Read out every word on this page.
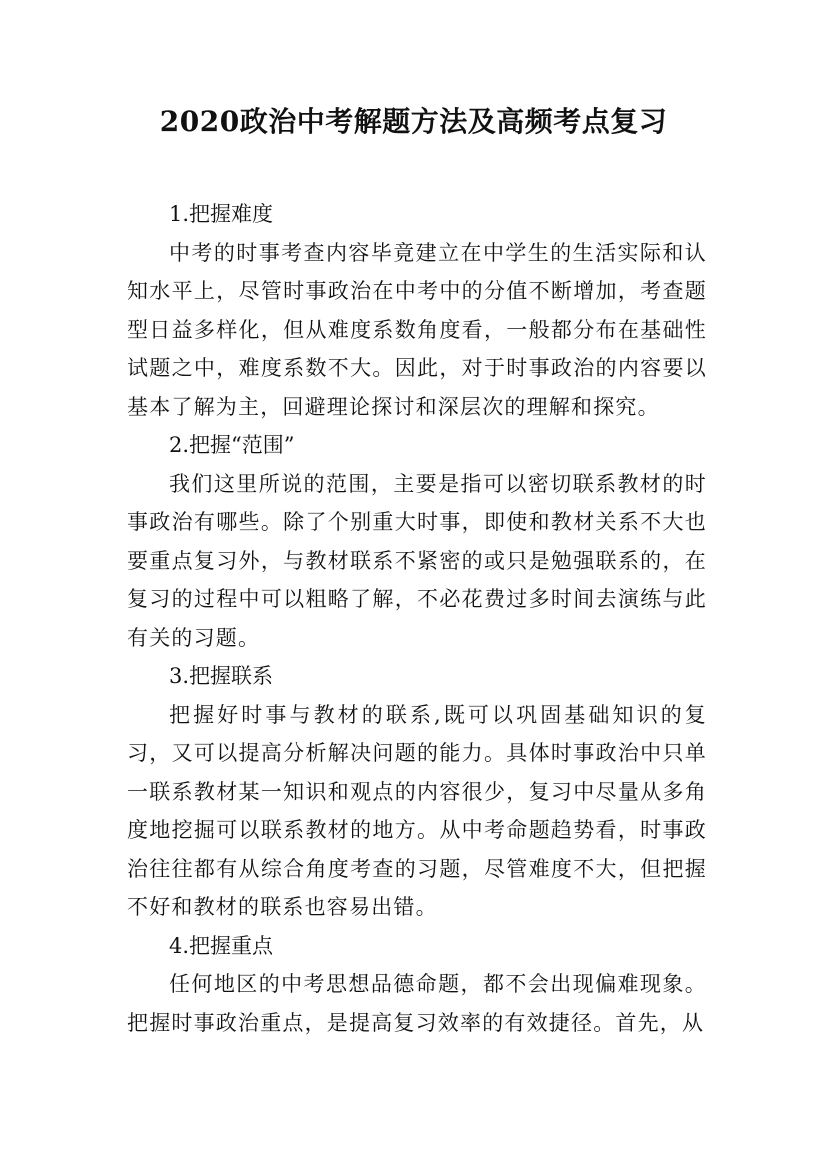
2020政治中考解题方法及高频考点复习

1.把握难度

中考的时事考查内容毕竟建立在中学生的生活实际和认知水平上，尽管时事政治在中考中的分值不断增加，考查题型日益多样化，但从难度系数角度看，一般都分布在基础性试题之中，难度系数不大。因此，对于时事政治的内容要以基本了解为主，回避理论探讨和深层次的理解和探究。

2.把握“范围”

我们这里所说的范围，主要是指可以密切联系教材的时事政治有哪些。除了个别重大时事，即使和教材关系不大也要重点复习外，与教材联系不紧密的或只是勉强联系的，在复习的过程中可以粗略了解，不必花费过多时间去演练与此有关的习题。

3.把握联系

把握好时事与教材的联系,既可以巩固基础知识的复习，又可以提高分析解决问题的能力。具体时事政治中只单一联系教材某一知识和观点的内容很少，复习中尽量从多角度地挖掘可以联系教材的地方。从中考命题趋势看，时事政治往往都有从综合角度考查的习题，尽管难度不大，但把握不好和教材的联系也容易出错。

4.把握重点

任何地区的中考思想品德命题，都不会出现偏难现象。把握时事政治重点，是提高复习效率的有效捷径。首先，从
